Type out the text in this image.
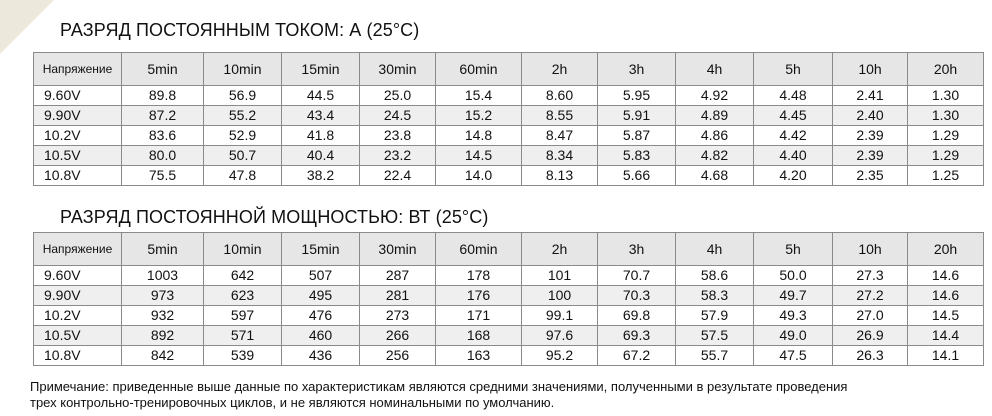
РАЗРЯД ПОСТОЯННЫМ ТОКОМ: А (25°С)
Напряжение	5min	10min	15min	30min	60min	2h	3h	4h	5h	10h	20h
9.60V	89.8	56.9	44.5	25.0	15.4	8.60	5.95	4.92	4.48	2.41	1.30
9.90V	87.2	55.2	43.4	24.5	15.2	8.55	5.91	4.89	4.45	2.40	1.30
10.2V	83.6	52.9	41.8	23.8	14.8	8.47	5.87	4.86	4.42	2.39	1.29
10.5V	80.0	50.7	40.4	23.2	14.5	8.34	5.83	4.82	4.40	2.39	1.29
10.8V	75.5	47.8	38.2	22.4	14.0	8.13	5.66	4.68	4.20	2.35	1.25
РАЗРЯД ПОСТОЯННОЙ МОЩНОСТЬЮ: ВТ (25°С)
Напряжение	5min	10min	15min	30min	60min	2h	3h	4h	5h	10h	20h
9.60V	1003	642	507	287	178	101	70.7	58.6	50.0	27.3	14.6
9.90V	973	623	495	281	176	100	70.3	58.3	49.7	27.2	14.6
10.2V	932	597	476	273	171	99.1	69.8	57.9	49.3	27.0	14.5
10.5V	892	571	460	266	168	97.6	69.3	57.5	49.0	26.9	14.4
10.8V	842	539	436	256	163	95.2	67.2	55.7	47.5	26.3	14.1
Примечание: приведенные выше данные по характеристикам являются средними значениями, полученными в результате проведения
трех контрольно-тренировочных циклов, и не являются номинальными по умолчанию.
